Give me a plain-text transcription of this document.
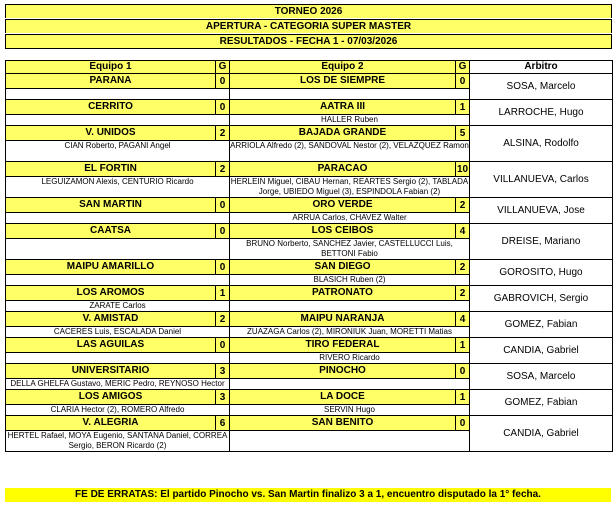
TORNEO 2026
APERTURA - CATEGORIA SUPER MASTER
RESULTADOS - FECHA 1 - 07/03/2026
Equipo 1	G	Equipo 2	G	Arbitro
PARANA	0	LOS DE SIEMPRE	0	SOSA, Marcelo

CERRITO	0	AATRA III	1	LARROCHE, Hugo
		HALLER Ruben		
V. UNIDOS	2	BAJADA GRANDE	5	ALSINA, Rodolfo
CIAN Roberto, PAGANI Angel		ARRIOLA Alfredo (2), SANDOVAL Nestor (2), VELAZQUEZ Ramon		
EL FORTIN	2	PARACAO	10	VILLANUEVA, Carlos
LEGUIZAMON Alexis, CENTURIO Ricardo		HERLEIN Miguel, CIBAU Hernan, REARTES Sergio (2), TABLADA Jorge, UBIEDO Miguel (3), ESPINDOLA Fabian (2)		
SAN MARTIN	0	ORO VERDE	2	VILLANUEVA, Jose
		ARRUA Carlos, CHAVEZ Walter		
CAATSA	0	LOS CEIBOS	4	DREISE, Mariano
		BRUNO Norberto, SANCHEZ Javier, CASTELLUCCI Luis, BETTONI Fabio		
MAIPU AMARILLO	0	SAN DIEGO	2	GOROSITO, Hugo
		BLASICH Ruben (2)		
LOS AROMOS	1	PATRONATO	2	GABROVICH, Sergio
ZARATE Carlos				
V. AMISTAD	2	MAIPU NARANJA	4	GOMEZ, Fabian
CACERES Luis, ESCALADA Daniel		ZUAZAGA Carlos (2), MIRONIUK Juan, MORETTI Matias		
LAS AGUILAS	0	TIRO FEDERAL	1	CANDIA, Gabriel
		RIVERO Ricardo		
UNIVERSITARIO	3	PINOCHO	0	SOSA, Marcelo
DELLA GHELFA Gustavo, MERIC Pedro, REYNOSO Hector				
LOS AMIGOS	3	LA DOCE	1	GOMEZ, Fabian
CLARIA Hector (2), ROMERO Alfredo		SERVIN Hugo		
V. ALEGRIA	6	SAN BENITO	0	CANDIA, Gabriel
HERTEL Rafael, MOYA Eugenio, SANTANA Daniel, CORREA Sergio, BERON Ricardo (2)				
FE DE ERRATAS: El partido Pinocho vs. San Martin finalizo 3 a 1, encuentro disputado la 1° fecha.
